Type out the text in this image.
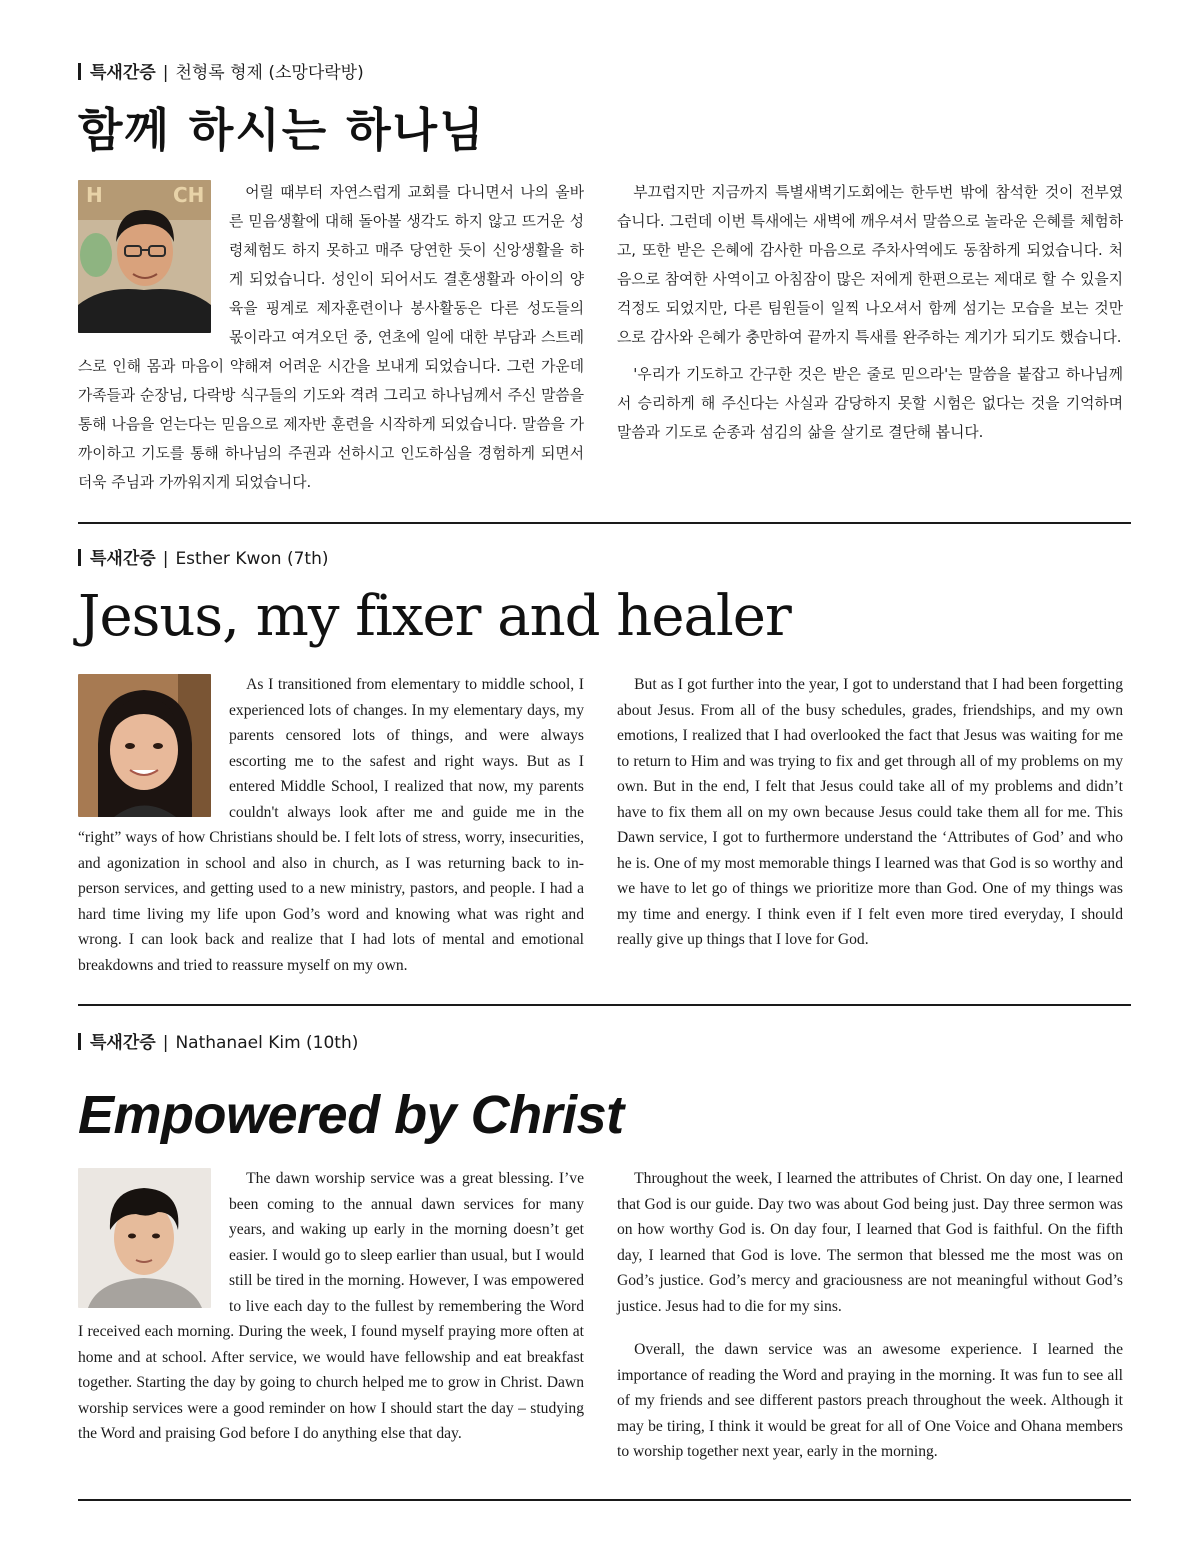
특새간증 | 천형록 형제 (소망다락방)
함께 하시는 하나님
H	CH	어릴 때부터 자연스럽게 교회를 다니면서 나의 올바른 믿음생활에 대해 돌아볼 생각도 하지 않고 뜨거운 성령체험도 하지 못하고 매주 당연한 듯이 신앙생활을 하게 되었습니다. 성인이 되어서도 결혼생활과 아이의 양육을 핑계로 제자훈련이나 봉사활동은 다른 성도들의 몫이라고 여겨오던 중, 연초에 일에 대한 부담과 스트레스로 인해 몸과 마음이 약해져 어려운 시간을 보내게 되었습니다. 그런 가운데 가족들과 순장님, 다락방 식구들의 기도와 격려 그리고 하나님께서 주신 말씀을 통해 나음을 얻는다는 믿음으로 제자반 훈련을 시작하게 되었습니다. 말씀을 가까이하고 기도를 통해 하나님의 주권과 선하시고 인도하심을 경험하게 되면서 더욱 주님과 가까워지게 되었습니다.

부끄럽지만 지금까지 특별새벽기도회에는 한두번 밖에 참석한 것이 전부였습니다. 그런데 이번 특새에는 새벽에 깨우셔서 말씀으로 놀라운 은혜를 체험하고, 또한 받은 은혜에 감사한 마음으로 주차사역에도 동참하게 되었습니다. 처음으로 참여한 사역이고 아침잠이 많은 저에게 한편으로는 제대로 할 수 있을지 걱정도 되었지만, 다른 팀원들이 일찍 나오셔서 함께 섬기는 모습을 보는 것만으로 감사와 은혜가 충만하여 끝까지 특새를 완주하는 계기가 되기도 했습니다.

'우리가 기도하고 간구한 것은 받은 줄로 믿으라'는 말씀을 붙잡고 하나님께서 승리하게 해 주신다는 사실과 감당하지 못할 시험은 없다는 것을 기억하며 말씀과 기도로 순종과 섬김의 삶을 살기로 결단해 봅니다.

특새간증 | Esther Kwon (7th)
Jesus, my fixer and healer

As I transitioned from elementary to middle school, I experienced lots of changes. In my elementary days, my parents censored lots of things, and were always escorting me to the safest and right ways. But as I entered Middle School, I realized that now, my parents couldn't always look after me and guide me in the “right” ways of how Christians should be. I felt lots of stress, worry, insecurities, and agonization in school and also in church, as I was returning back to in-person services, and getting used to a new ministry, pastors, and people. I had a hard time living my life upon God’s word and knowing what was right and wrong. I can look back and realize that I had lots of mental and emotional breakdowns and tried to reassure myself on my own.

But as I got further into the year, I got to understand that I had been forgetting about Jesus. From all of the busy schedules, grades, friendships, and my own emotions, I realized that I had overlooked the fact that Jesus was waiting for me to return to Him and was trying to fix and get through all of my problems on my own. But in the end, I felt that Jesus could take all of my problems and didn’t have to fix them all on my own because Jesus could take them all for me. This Dawn service, I got to furthermore understand the ‘Attributes of God’ and who he is. One of my most memorable things I learned was that God is so worthy and we have to let go of things we prioritize more than God. One of my things was my time and energy. I think even if I felt even more tired everyday, I should really give up things that I love for God.

특새간증 | Nathanael Kim (10th)
Empowered by Christ

The dawn worship service was a great blessing. I’ve been coming to the annual dawn services for many years, and waking up early in the morning doesn’t get easier. I would go to sleep earlier than usual, but I would still be tired in the morning. However, I was empowered to live each day to the fullest by remembering the Word I received each morning. During the week, I found myself praying more often at home and at school. After service, we would have fellowship and eat breakfast together. Starting the day by going to church helped me to grow in Christ. Dawn worship services were a good reminder on how I should start the day – studying the Word and praising God before I do anything else that day.

Throughout the week, I learned the attributes of Christ. On day one, I learned that God is our guide. Day two was about God being just. Day three sermon was on how worthy God is. On day four, I learned that God is faithful. On the fifth day, I learned that God is love. The sermon that blessed me the most was on God’s justice. God’s mercy and graciousness are not meaningful without God’s justice. Jesus had to die for my sins.

Overall, the dawn service was an awesome experience. I learned the importance of reading the Word and praying in the morning. It was fun to see all of my friends and see different pastors preach throughout the week. Although it may be tiring, I think it would be great for all of One Voice and Ohana members to worship together next year, early in the morning.
